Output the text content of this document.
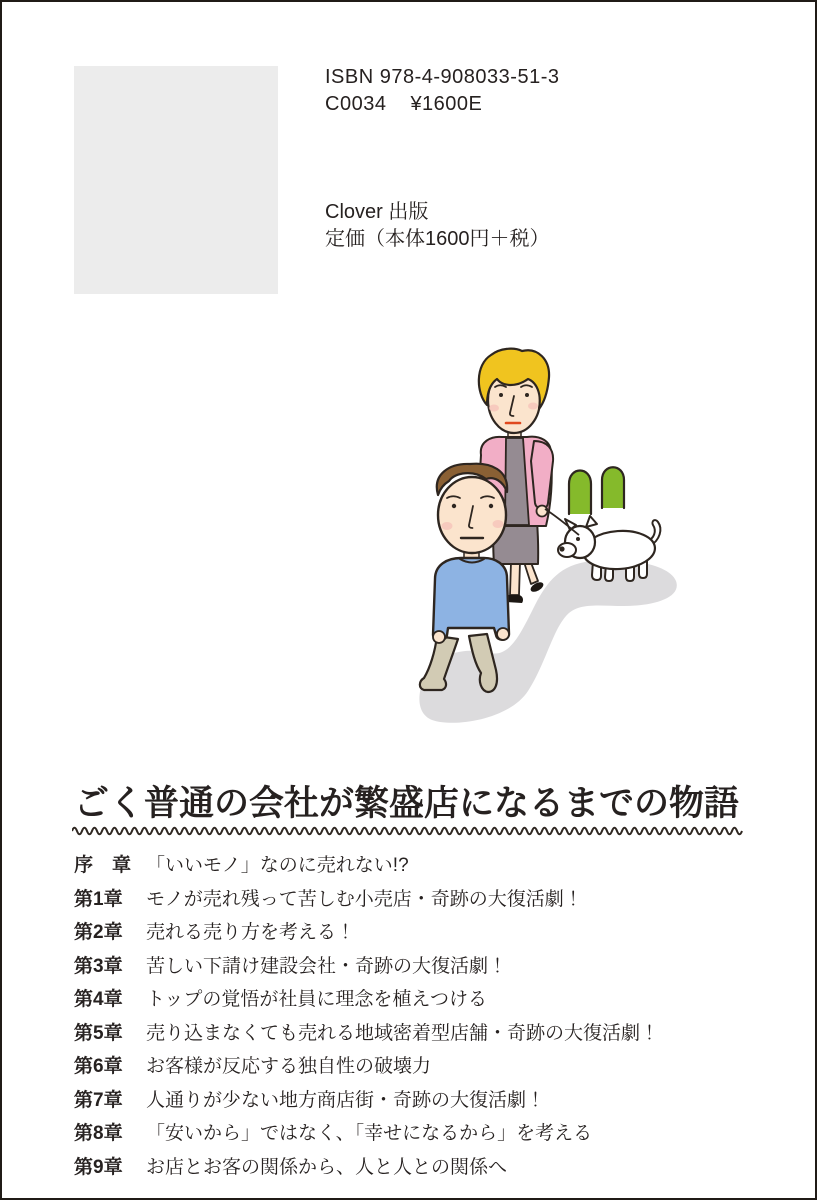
ISBN 978-4-908033-51-3
C0034 ¥1600E
Clover 出版
定価（本体1600円＋税）
ごく普通の会社が繁盛店になるまでの物語
序　章 「いいモノ」なのに売れない!?
第1章	モノが売れ残って苦しむ小売店・奇跡の大復活劇！
第2章	売れる売り方を考える！
第3章	苦しい下請け建設会社・奇跡の大復活劇！
第4章	トップの覚悟が社員に理念を植えつける
第5章	売り込まなくても売れる地域密着型店舗・奇跡の大復活劇！
第6章	お客様が反応する独自性の破壊力
第7章	人通りが少ない地方商店街・奇跡の大復活劇！
第8章	「安いから」ではなく、「幸せになるから」を考える
第9章	お店とお客の関係から、人と人との関係へ
